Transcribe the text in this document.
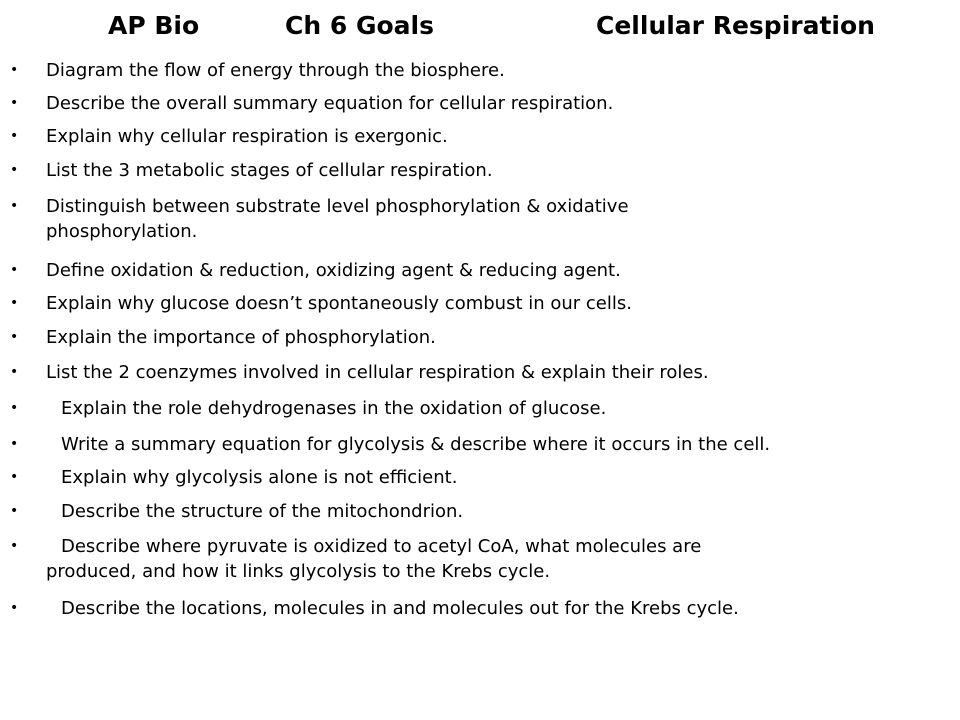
AP Bio	Ch 6 Goals	Cellular Respiration
•	Diagram the flow of energy through the biosphere.
•	Describe the overall summary equation for cellular respiration.
•	Explain why cellular respiration is exergonic.
•	List the 3 metabolic stages of cellular respiration.
•	Distinguish between substrate level phosphorylation & oxidative
phosphorylation.
•	Define oxidation & reduction, oxidizing agent & reducing agent.
•	Explain why glucose doesn’t spontaneously combust in our cells.
•	Explain the importance of phosphorylation.
•	List the 2 coenzymes involved in cellular respiration & explain their roles.
•	Explain the role dehydrogenases in the oxidation of glucose.
•	Write a summary equation for glycolysis & describe where it occurs in the cell.
•	Explain why glycolysis alone is not efficient.
•	Describe the structure of the mitochondrion.
•	Describe where pyruvate is oxidized to acetyl CoA, what molecules are
produced, and how it links glycolysis to the Krebs cycle.
•	Describe the locations, molecules in and molecules out for the Krebs cycle.
